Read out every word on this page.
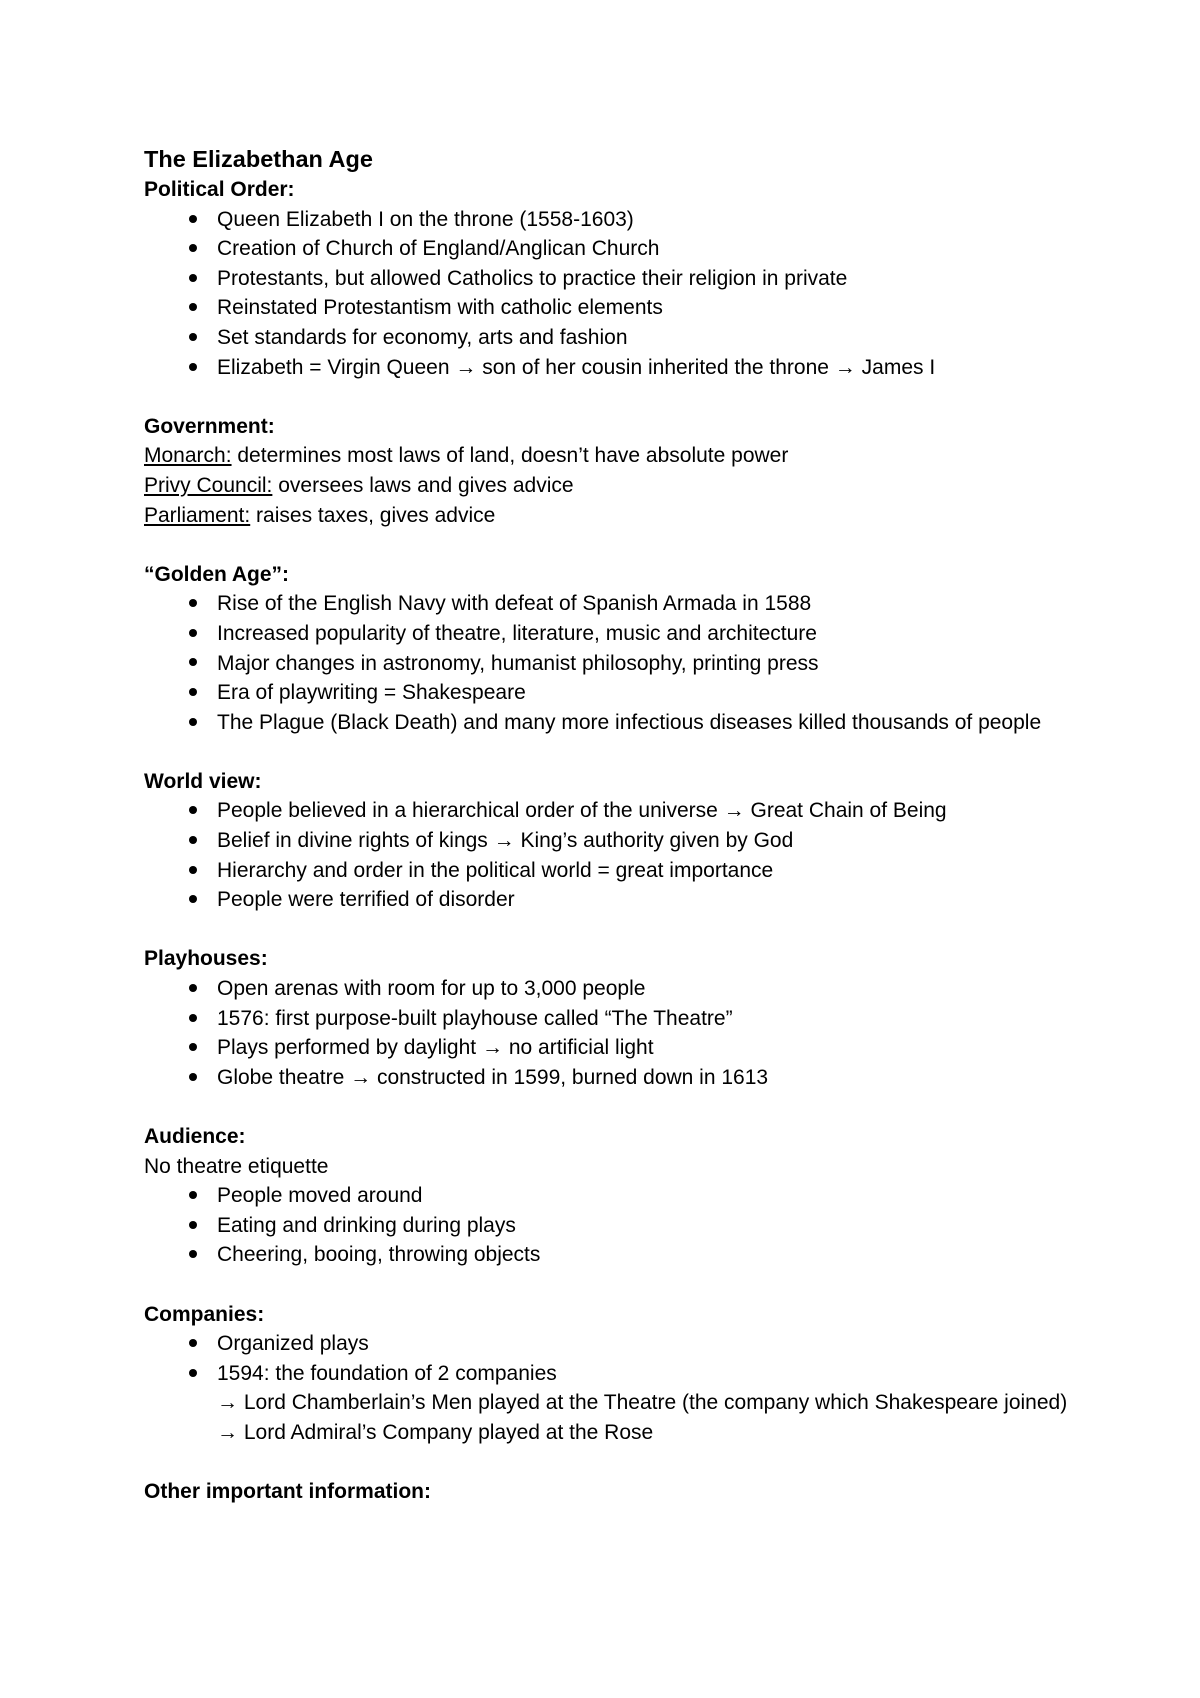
The Elizabethan Age
Political Order:
Queen Elizabeth I on the throne (1558-1603)
Creation of Church of England/Anglican Church
Protestants, but allowed Catholics to practice their religion in private
Reinstated Protestantism with catholic elements
Set standards for economy, arts and fashion
Elizabeth = Virgin Queen → son of her cousin inherited the throne → James I
Government:
Monarch: determines most laws of land, doesn’t have absolute power
Privy Council: oversees laws and gives advice
Parliament: raises taxes, gives advice
“Golden Age”:
Rise of the English Navy with defeat of Spanish Armada in 1588
Increased popularity of theatre, literature, music and architecture
Major changes in astronomy, humanist philosophy, printing press
Era of playwriting = Shakespeare
The Plague (Black Death) and many more infectious diseases killed thousands of people
World view:
People believed in a hierarchical order of the universe → Great Chain of Being
Belief in divine rights of kings → King’s authority given by God
Hierarchy and order in the political world = great importance
People were terrified of disorder
Playhouses:
Open arenas with room for up to 3,000 people
1576: first purpose-built playhouse called “The Theatre”
Plays performed by daylight → no artificial light
Globe theatre → constructed in 1599, burned down in 1613
Audience:
No theatre etiquette
People moved around
Eating and drinking during plays
Cheering, booing, throwing objects
Companies:
Organized plays
1594: the foundation of 2 companies
→ Lord Chamberlain’s Men played at the Theatre (the company which Shakespeare joined)
→ Lord Admiral’s Company played at the Rose
Other important information:
